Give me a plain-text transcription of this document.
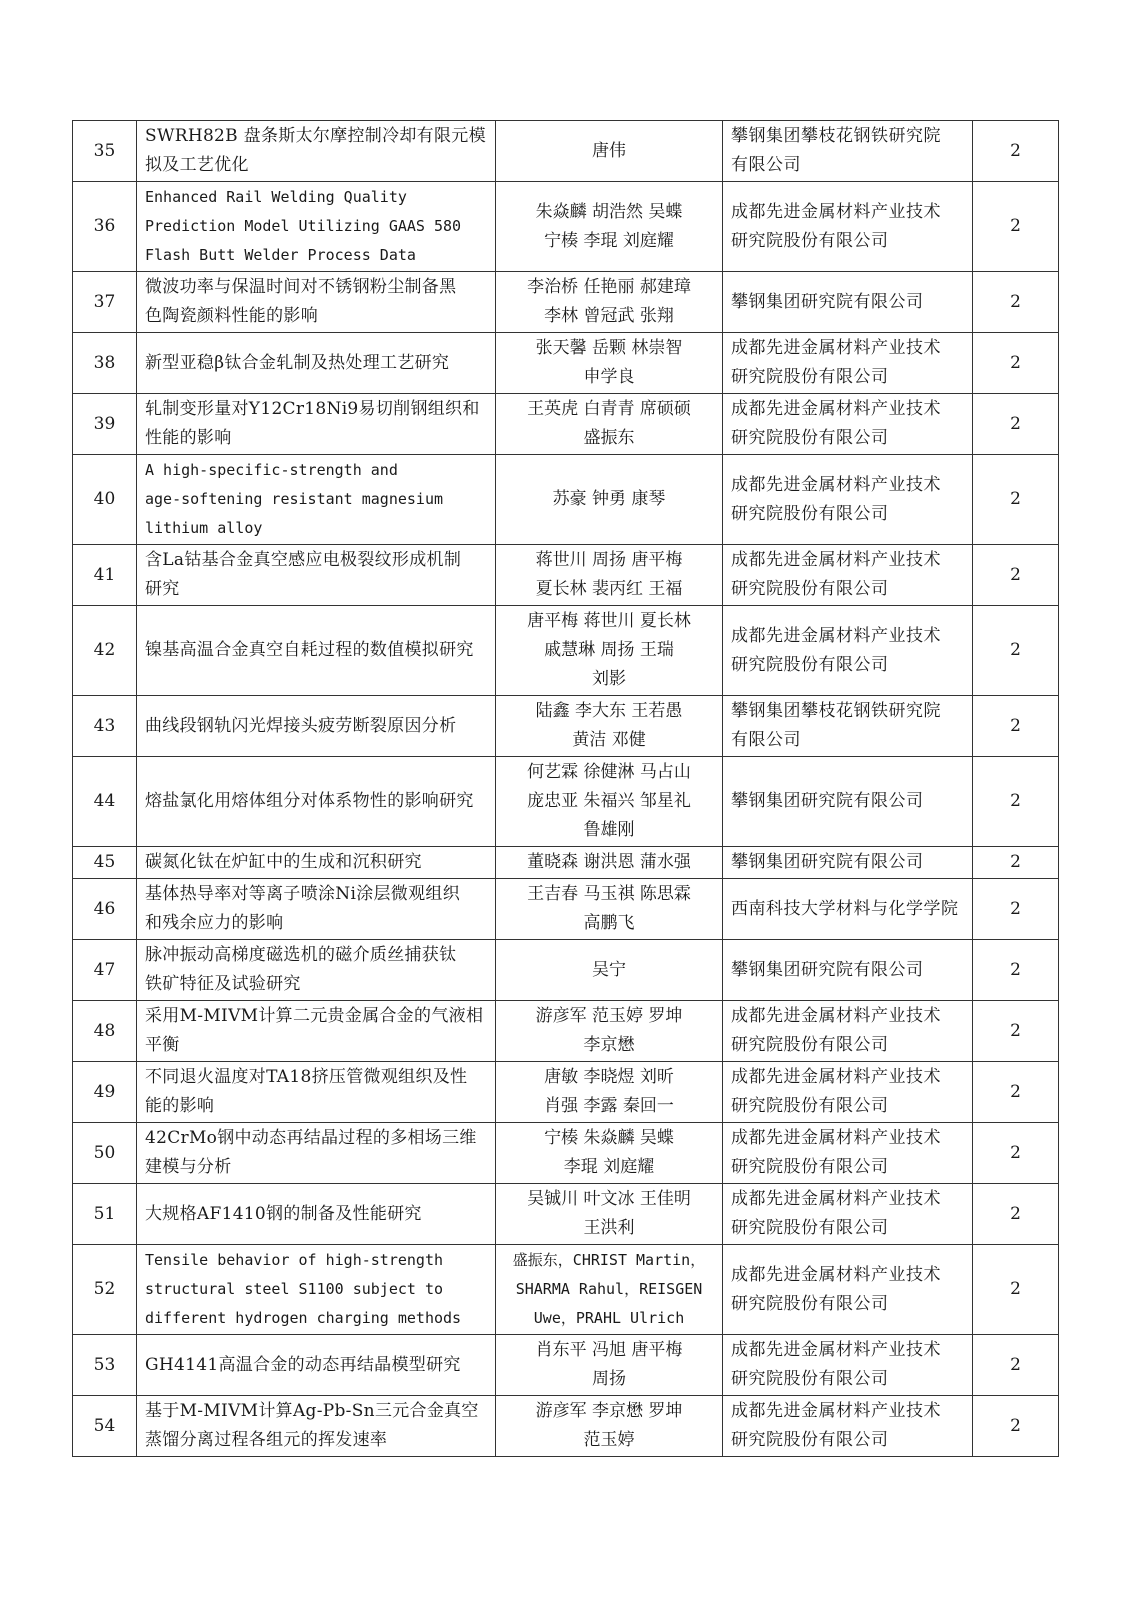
35	SWRH82B 盘条斯太尔摩控制冷却有限元模
拟及工艺优化	唐伟	攀钢集团攀枝花钢铁研究院
有限公司	2
36	Enhanced Rail Welding Quality
Prediction Model Utilizing GAAS 580
Flash Butt Welder Process Data	朱焱麟 胡浩然 吴蝶
宁楱 李琨 刘庭耀	成都先进金属材料产业技术
研究院股份有限公司	2
37	微波功率与保温时间对不锈钢粉尘制备黑
色陶瓷颜料性能的影响	李治桥 任艳丽 郝建璋
李林 曾冠武 张翔	攀钢集团研究院有限公司	2
38	新型亚稳β钛合金轧制及热处理工艺研究	张天馨 岳颗 林崇智
申学良	成都先进金属材料产业技术
研究院股份有限公司	2
39	轧制变形量对Y12Cr18Ni9易切削钢组织和
性能的影响	王英虎 白青青 席硕硕
盛振东	成都先进金属材料产业技术
研究院股份有限公司	2
40	A high-specific-strength and
age-softening resistant magnesium
lithium alloy	苏豪 钟勇 康琴	成都先进金属材料产业技术
研究院股份有限公司	2
41	含La钴基合金真空感应电极裂纹形成机制
研究	蒋世川 周扬 唐平梅
夏长林 裴丙红 王福	成都先进金属材料产业技术
研究院股份有限公司	2
42	镍基高温合金真空自耗过程的数值模拟研究	唐平梅 蒋世川 夏长林
戚慧琳 周扬 王瑞
刘影	成都先进金属材料产业技术
研究院股份有限公司	2
43	曲线段钢轨闪光焊接头疲劳断裂原因分析	陆鑫 李大东 王若愚
黄洁 邓健	攀钢集团攀枝花钢铁研究院
有限公司	2
44	熔盐氯化用熔体组分对体系物性的影响研究	何艺霖 徐健淋 马占山
庞忠亚 朱福兴 邹星礼
鲁雄刚	攀钢集团研究院有限公司	2
45	碳氮化钛在炉缸中的生成和沉积研究	董晓森 谢洪恩 蒲水强	攀钢集团研究院有限公司	2
46	基体热导率对等离子喷涂Ni涂层微观组织
和残余应力的影响	王吉春 马玉祺 陈思霖
高鹏飞	西南科技大学材料与化学学院	2
47	脉冲振动高梯度磁选机的磁介质丝捕获钛
铁矿特征及试验研究	吴宁	攀钢集团研究院有限公司	2
48	采用M-MIVM计算二元贵金属合金的气液相
平衡	游彦军 范玉婷 罗坤
李京懋	成都先进金属材料产业技术
研究院股份有限公司	2
49	不同退火温度对TA18挤压管微观组织及性
能的影响	唐敏 李晓煜 刘昕
肖强 李露 秦回一	成都先进金属材料产业技术
研究院股份有限公司	2
50	42CrMo钢中动态再结晶过程的多相场三维
建模与分析	宁楱 朱焱麟 吴蝶
李琨 刘庭耀	成都先进金属材料产业技术
研究院股份有限公司	2
51	大规格AF1410钢的制备及性能研究	吴铖川 叶文冰 王佳明
王洪利	成都先进金属材料产业技术
研究院股份有限公司	2
52	Tensile behavior of high-strength
structural steel S1100 subject to
different hydrogen charging methods	盛振东，CHRIST Martin，
SHARMA Rahul，REISGEN
Uwe，PRAHL Ulrich	成都先进金属材料产业技术
研究院股份有限公司	2
53	GH4141高温合金的动态再结晶模型研究	肖东平 冯旭 唐平梅
周扬	成都先进金属材料产业技术
研究院股份有限公司	2
54	基于M-MIVM计算Ag-Pb-Sn三元合金真空
蒸馏分离过程各组元的挥发速率	游彦军 李京懋 罗坤
范玉婷	成都先进金属材料产业技术
研究院股份有限公司	2
